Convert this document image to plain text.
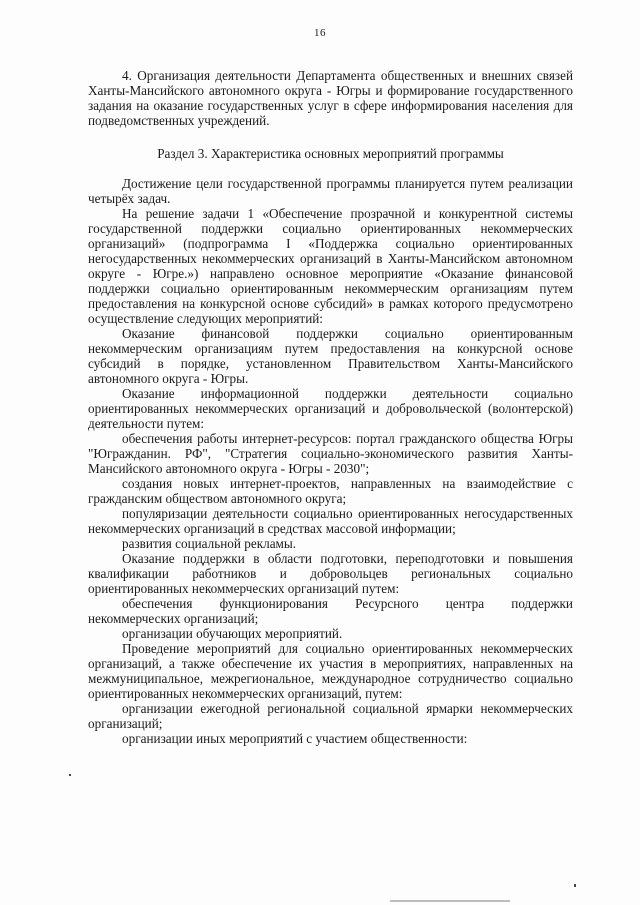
16

4. Организация деятельности Департамента общественных и внешних связей Ханты-Мансийского автономного округа - Югры и формирование государственного задания на оказание государственных услуг в сфере информирования населения для подведомственных учреждений.

Раздел 3. Характеристика основных мероприятий программы

Достижение цели государственной программы планируется путем реализации четырёх задач.

На решение задачи 1 «Обеспечение прозрачной и конкурентной системы государственной поддержки социально ориентированных некоммерческих организаций» (подпрограмма I «Поддержка социально ориентированных негосударственных некоммерческих организаций в Ханты-Мансийском автономном округе - Югре.») направлено основное мероприятие «Оказание финансовой поддержки социально ориентированным некоммерческим организациям путем предоставления на конкурсной основе субсидий» в рамках которого предусмотрено осуществление следующих мероприятий:

Оказание финансовой поддержки социально ориентированным некоммерческим организациям путем предоставления на конкурсной основе субсидий в порядке, установленном Правительством Ханты-Мансийского автономного округа - Югры.

Оказание информационной поддержки деятельности социально ориентированных некоммерческих организаций и добровольческой (волонтерской) деятельности путем:

обеспечения работы интернет-ресурсов: портал гражданского общества Югры "Югражданин. РФ", "Стратегия социально-экономического развития Ханты-Мансийского автономного округа - Югры - 2030";

создания новых интернет-проектов, направленных на взаимодействие с гражданским обществом автономного округа;

популяризации деятельности социально ориентированных негосударственных некоммерческих организаций в средствах массовой информации;

развития социальной рекламы.

Оказание поддержки в области подготовки, переподготовки и повышения квалификации работников и добровольцев региональных социально ориентированных некоммерческих организаций путем:

обеспечения функционирования Ресурсного центра поддержки некоммерческих организаций;

организации обучающих мероприятий.

Проведение мероприятий для социально ориентированных некоммерческих организаций, а также обеспечение их участия в мероприятиях, направленных на межмуниципальное, межрегиональное, международное сотрудничество социально ориентированных некоммерческих организаций, путем:

организации ежегодной региональной социальной ярмарки некоммерческих организаций;

организации иных мероприятий с участием общественности:
